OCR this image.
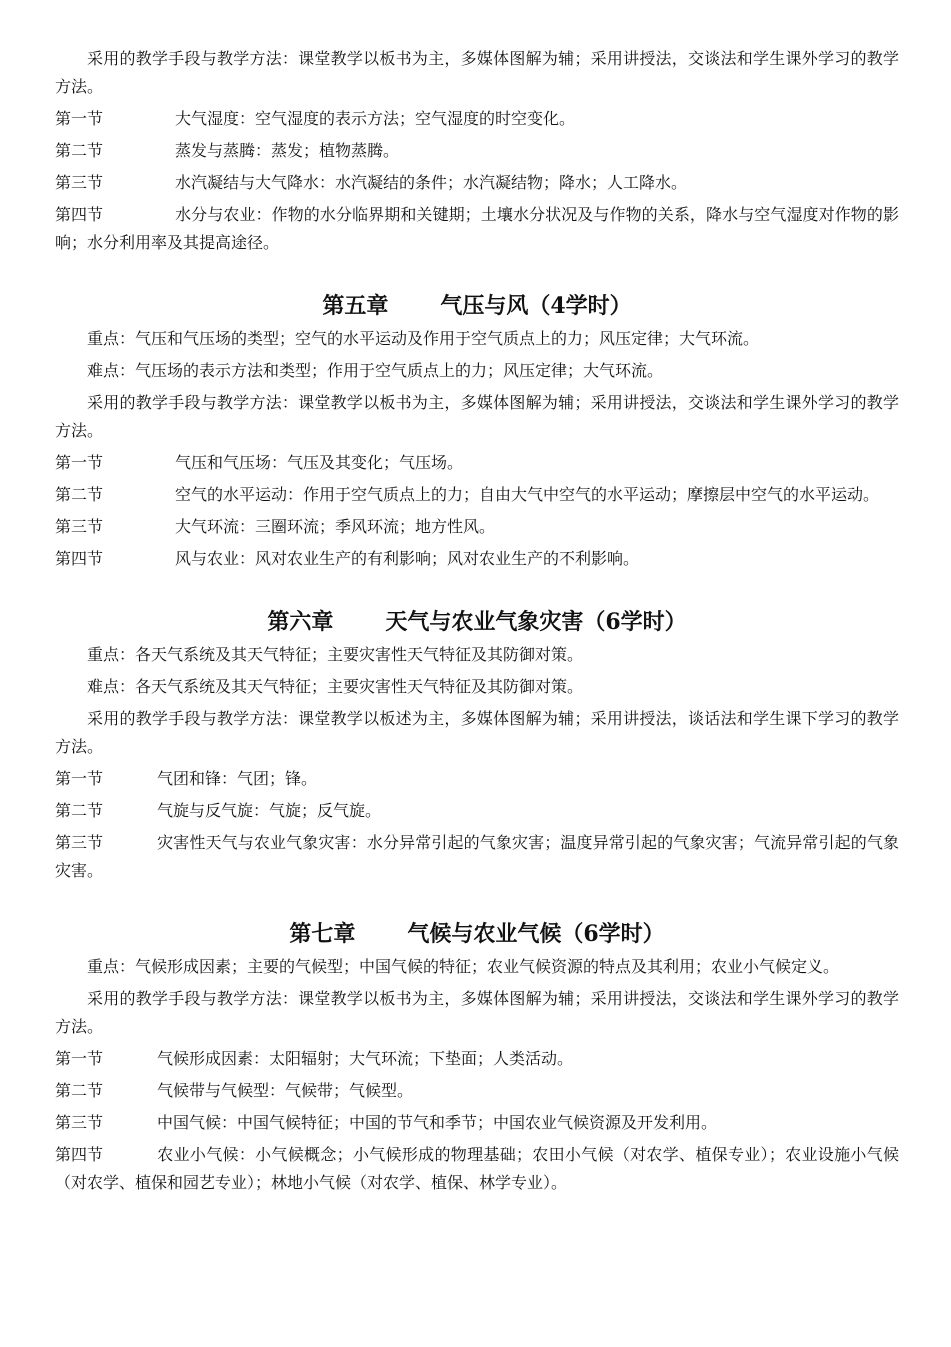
采用的教学手段与教学方法：课堂教学以板书为主，多媒体图解为辅；采用讲授法，交谈法和学生课外学习的教学方法。

第一节	大气湿度：空气湿度的表示方法；空气湿度的时空变化。

第二节	蒸发与蒸腾：蒸发；植物蒸腾。

第三节	水汽凝结与大气降水：水汽凝结的条件；水汽凝结物；降水；人工降水。

第四节	水分与农业：作物的水分临界期和关键期；土壤水分状况及与作物的关系，降水与空气湿度对作物的影响；水分利用率及其提高途径。

第五章 气压与风（4学时）

重点：气压和气压场的类型；空气的水平运动及作用于空气质点上的力；风压定律；大气环流。

难点：气压场的表示方法和类型；作用于空气质点上的力；风压定律；大气环流。

采用的教学手段与教学方法：课堂教学以板书为主，多媒体图解为辅；采用讲授法，交谈法和学生课外学习的教学方法。

第一节	气压和气压场：气压及其变化；气压场。

第二节	空气的水平运动：作用于空气质点上的力；自由大气中空气的水平运动；摩擦层中空气的水平运动。

第三节	大气环流：三圈环流；季风环流；地方性风。

第四节	风与农业：风对农业生产的有利影响；风对农业生产的不利影响。

第六章 天气与农业气象灾害（6学时）

重点：各天气系统及其天气特征；主要灾害性天气特征及其防御对策。

难点：各天气系统及其天气特征；主要灾害性天气特征及其防御对策。

采用的教学手段与教学方法：课堂教学以板述为主，多媒体图解为辅；采用讲授法，谈话法和学生课下学习的教学方法。

第一节	气团和锋：气团；锋。

第二节	气旋与反气旋：气旋；反气旋。

第三节	灾害性天气与农业气象灾害：水分异常引起的气象灾害；温度异常引起的气象灾害；气流异常引起的气象灾害。

第七章 气候与农业气候（6学时）

重点：气候形成因素；主要的气候型；中国气候的特征；农业气候资源的特点及其利用；农业小气候定义。

采用的教学手段与教学方法：课堂教学以板书为主，多媒体图解为辅；采用讲授法，交谈法和学生课外学习的教学方法。

第一节	气候形成因素：太阳辐射；大气环流；下垫面；人类活动。

第二节	气候带与气候型：气候带；气候型。

第三节	中国气候：中国气候特征；中国的节气和季节；中国农业气候资源及开发利用。

第四节	农业小气候：小气候概念；小气候形成的物理基础；农田小气候（对农学、植保专业）；农业设施小气候（对农学、植保和园艺专业）；林地小气候（对农学、植保、林学专业）。
